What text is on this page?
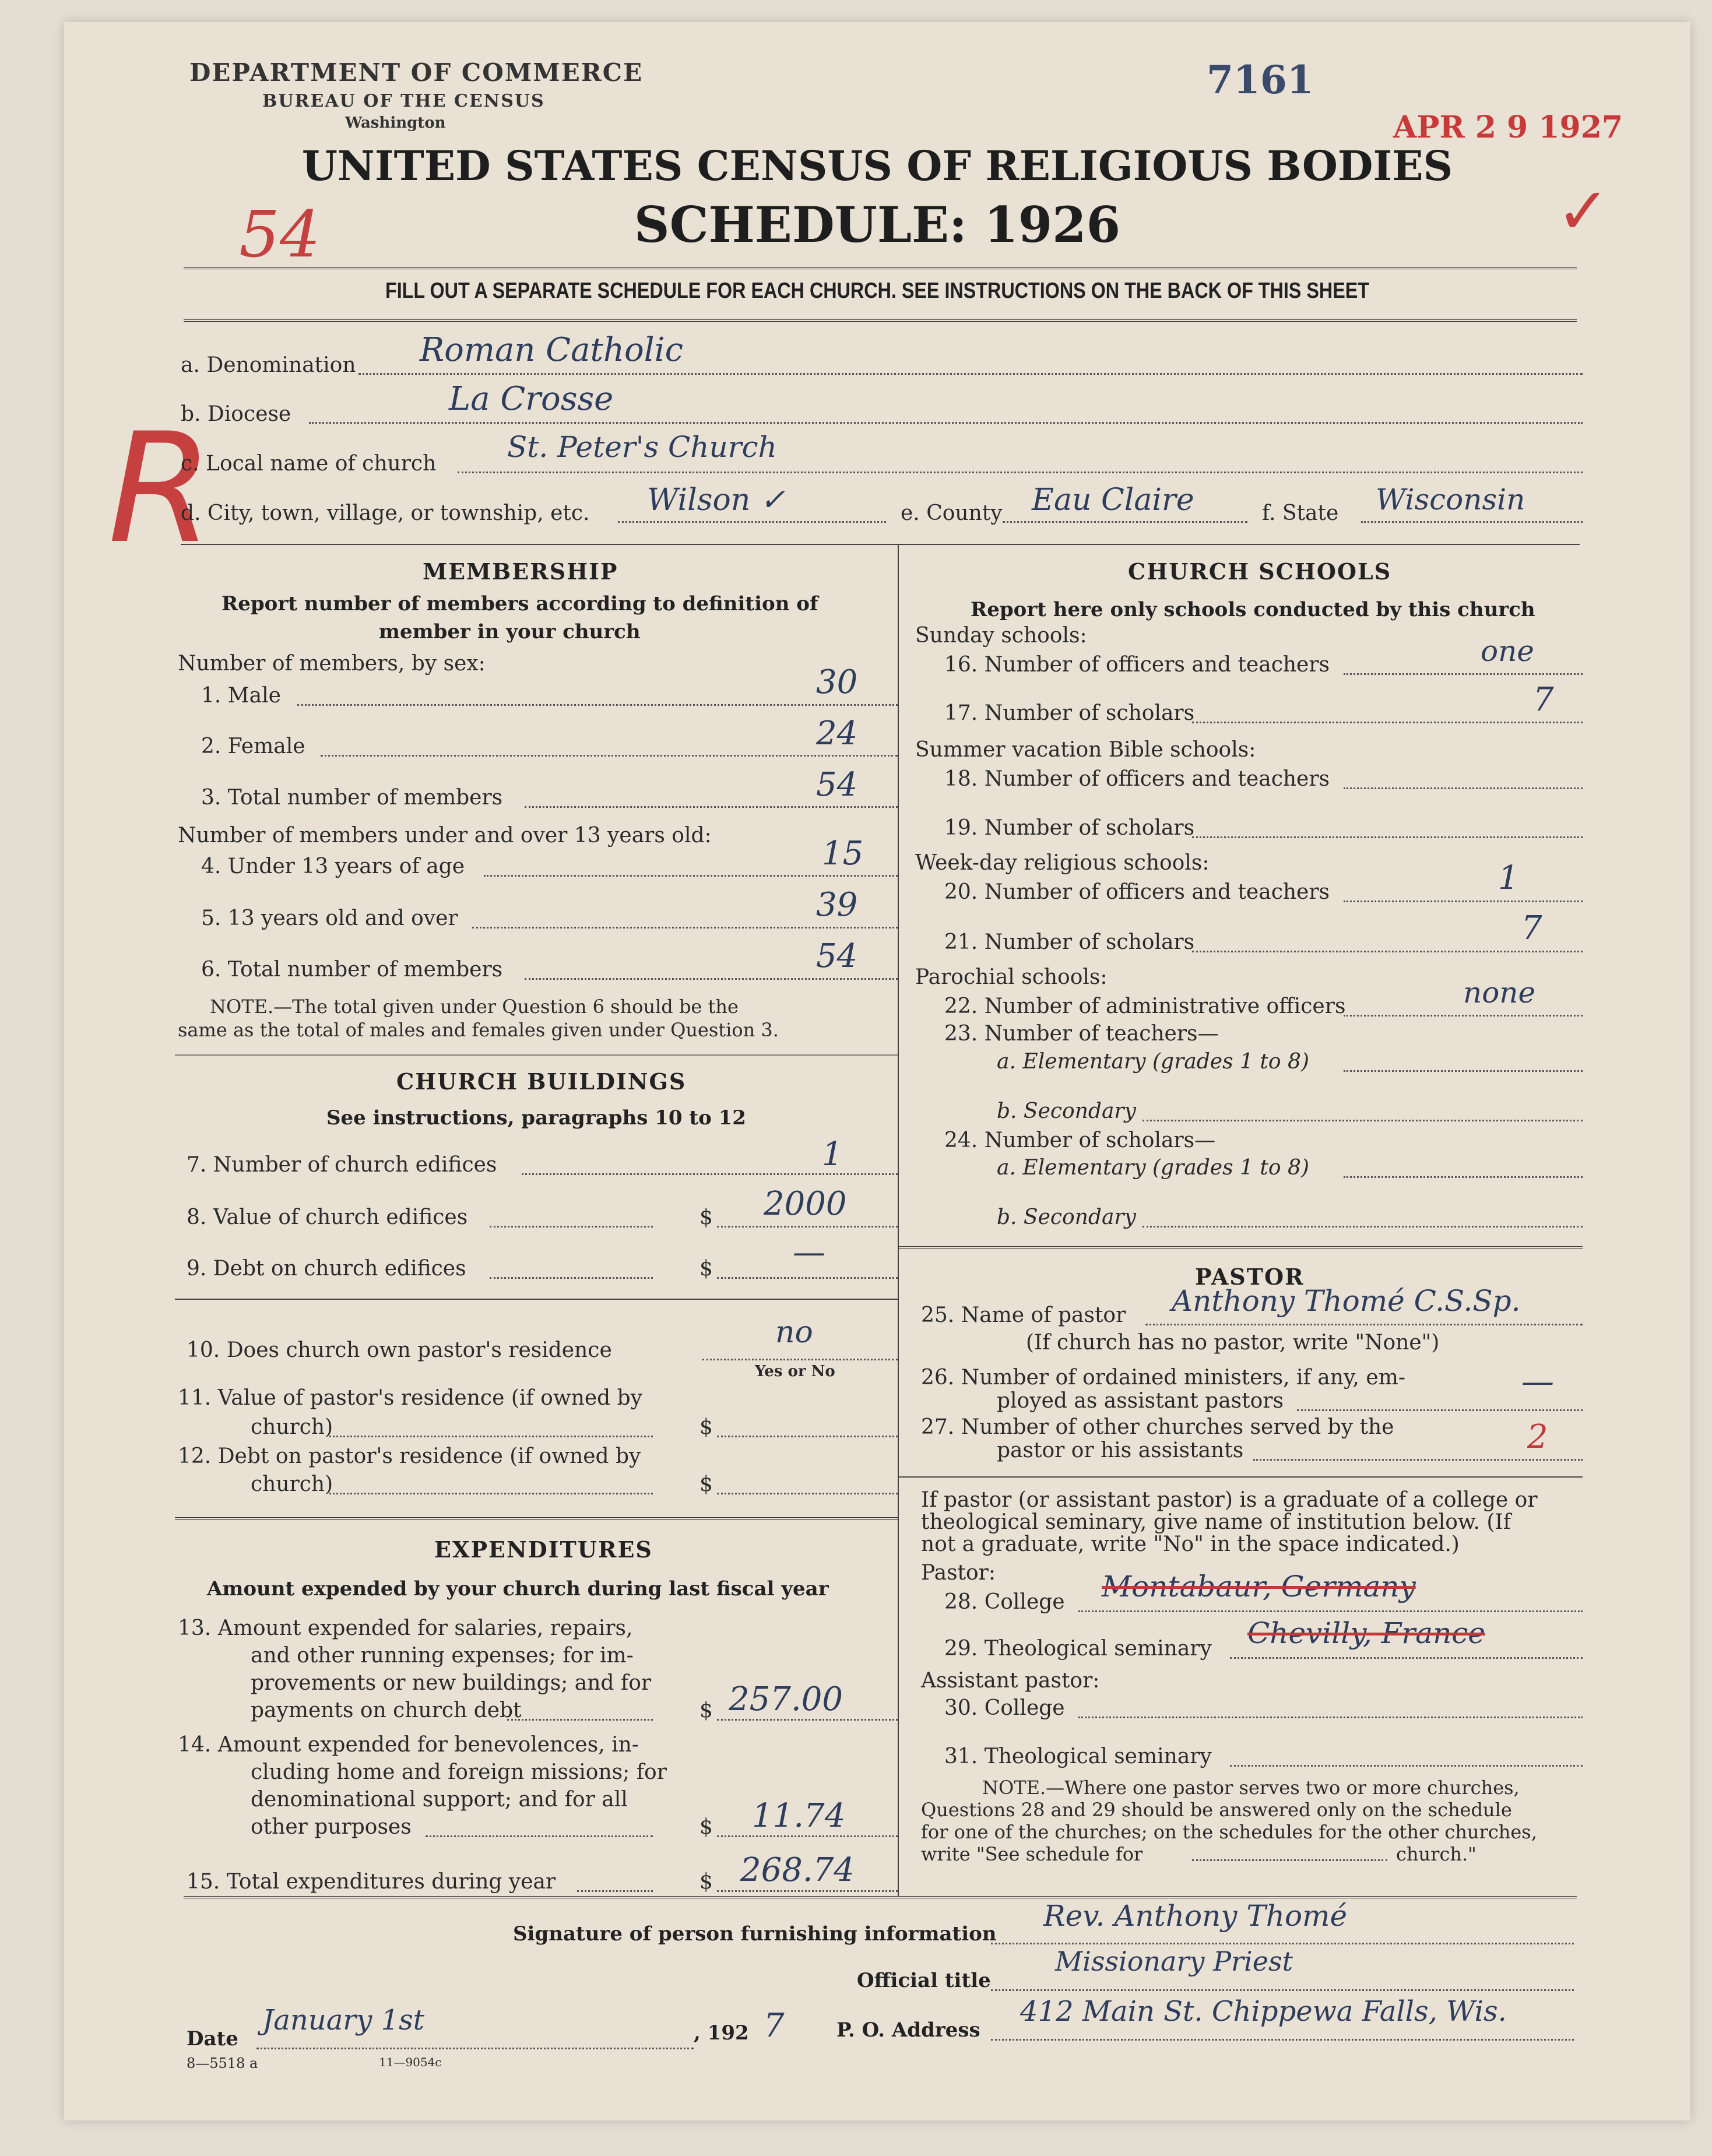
DEPARTMENT OF COMMERCE
BUREAU OF THE CENSUS
Washington
7161
APR 2 9 1927
54
R
✓
UNITED STATES CENSUS OF RELIGIOUS BODIES
SCHEDULE: 1926
FILL OUT A SEPARATE SCHEDULE FOR EACH CHURCH. SEE INSTRUCTIONS ON THE BACK OF THIS SHEET
a. Denomination Roman Catholic
b. Diocese	La Crosse
c. Local name of church St. Peter's Church
d. City, town, village, or township, etc. Wilson ✓	e. County Eau Claire	f. State Wisconsin
MEMBERSHIP
Report number of members according to definition of
member in your church
Number of members, by sex:
1. Male	30
2. Female	24
3. Total number of members	54
Number of members under and over 13 years old:
4. Under 13 years of age	15
5. 13 years old and over	39
6. Total number of members	54
NOTE.—The total given under Question 6 should be the
same as the total of males and females given under Question 3.
CHURCH BUILDINGS
See instructions, paragraphs 10 to 12
7. Number of church edifices	1
8. Value of church edifices	$ 2000
9. Debt on church edifices	$ —
10. Does church own pastor's residence
no
Yes or No
11. Value of pastor's residence (if owned by
church)	$
12. Debt on pastor's residence (if owned by
church)	$
EXPENDITURES
Amount expended by your church during last fiscal year
13. Amount expended for salaries, repairs,
and other running expenses; for im-
provements or new buildings; and for
payments on church debt	$ 257.00
14. Amount expended for benevolences, in-
cluding home and foreign missions; for
denominational support; and for all
other purposes	$ 11.74
15. Total expenditures during year	$ 268.74
CHURCH SCHOOLS
Report here only schools conducted by this church
Sunday schools:
16. Number of officers and teachers	one
17. Number of scholars	7
Summer vacation Bible schools:
18. Number of officers and teachers
19. Number of scholars
Week-day religious schools:
20. Number of officers and teachers	1
21. Number of scholars	7
Parochial schools:
22. Number of administrative officers	none
23. Number of teachers—
a. Elementary (grades 1 to 8)
b. Secondary
24. Number of scholars—
a. Elementary (grades 1 to 8)
b. Secondary
PASTOR
25. Name of pastor Anthony Thomé C.S.Sp.
(If church has no pastor, write "None")
26. Number of ordained ministers, if any, em-
ployed as assistant pastors
—
27. Number of other churches served by the
pastor or his assistants	2
If pastor (or assistant pastor) is a graduate of a college or
theological seminary, give name of institution below. (If
not a graduate, write "No" in the space indicated.)
Pastor:
28. College Montabaur, Germany
29. Theological seminary Chevilly, France
Assistant pastor:
30. College
31. Theological seminary
NOTE.—Where one pastor serves two or more churches,
Questions 28 and 29 should be answered only on the schedule
for one of the churches; on the schedules for the other churches,
write "See schedule for	church."
Signature of person furnishing information
Rev. Anthony Thomé
Official title
Missionary Priest
Date
January 1st	, 192 7	P. O. Address
412 Main St. Chippewa Falls, Wis.
8—5518 a	11—9054c
